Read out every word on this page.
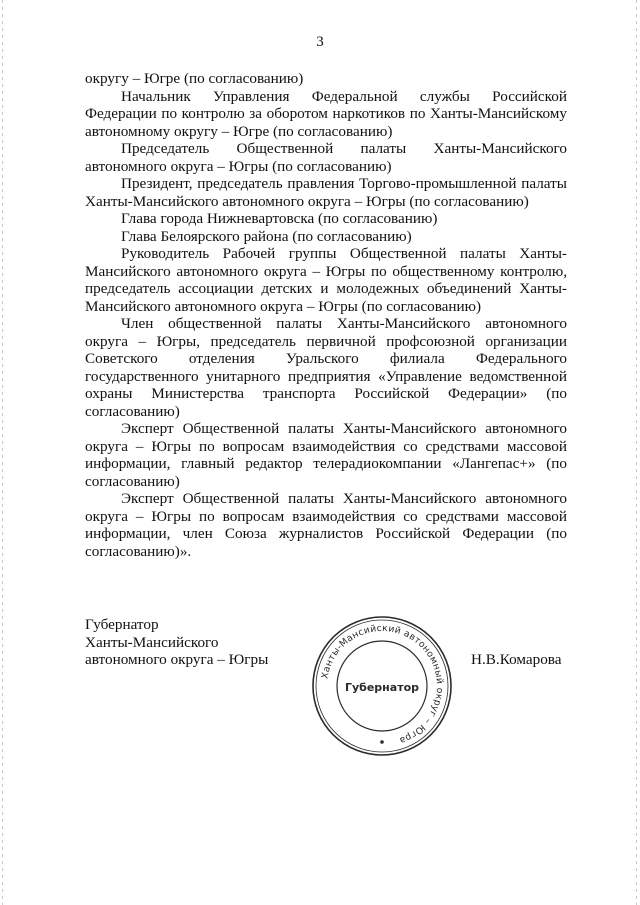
3

округу – Югре (по согласованию)

Начальник Управления Федеральной службы Российской Федерации по контролю за оборотом наркотиков по Ханты-Мансийскому автономному округу – Югре (по согласованию)

Председатель Общественной палаты Ханты-Мансийского автономного округа – Югры (по согласованию)

Президент, председатель правления Торгово-промышленной палаты Ханты-Мансийского автономного округа – Югры (по согласованию)

Глава города Нижневартовска (по согласованию)

Глава Белоярского района (по согласованию)

Руководитель Рабочей группы Общественной палаты Ханты-Мансийского автономного округа – Югры по общественному контролю, председатель ассоциации детских и молодежных объединений Ханты-Мансийского автономного округа – Югры (по согласованию)

Член общественной палаты Ханты-Мансийского автономного округа – Югры, председатель первичной профсоюзной организации Советского отделения Уральского филиала Федерального государственного унитарного предприятия «Управление ведомственной охраны Министерства транспорта Российской Федерации» (по согласованию)

Эксперт Общественной палаты Ханты-Мансийского автономного округа – Югры по вопросам взаимодействия со средствами массовой информации, главный редактор телерадиокомпании «Лангепас+» (по согласованию)

Эксперт Общественной палаты Ханты-Мансийского автономного округа – Югры по вопросам взаимодействия со средствами массовой информации, член Союза журналистов Российской Федерации (по согласованию)».

Губернатор
Ханты-Мансийского
автономного округа – Югры	Н.В.Комарова
Ханты-Мансийский автономный округ – Югра
Губернатор
